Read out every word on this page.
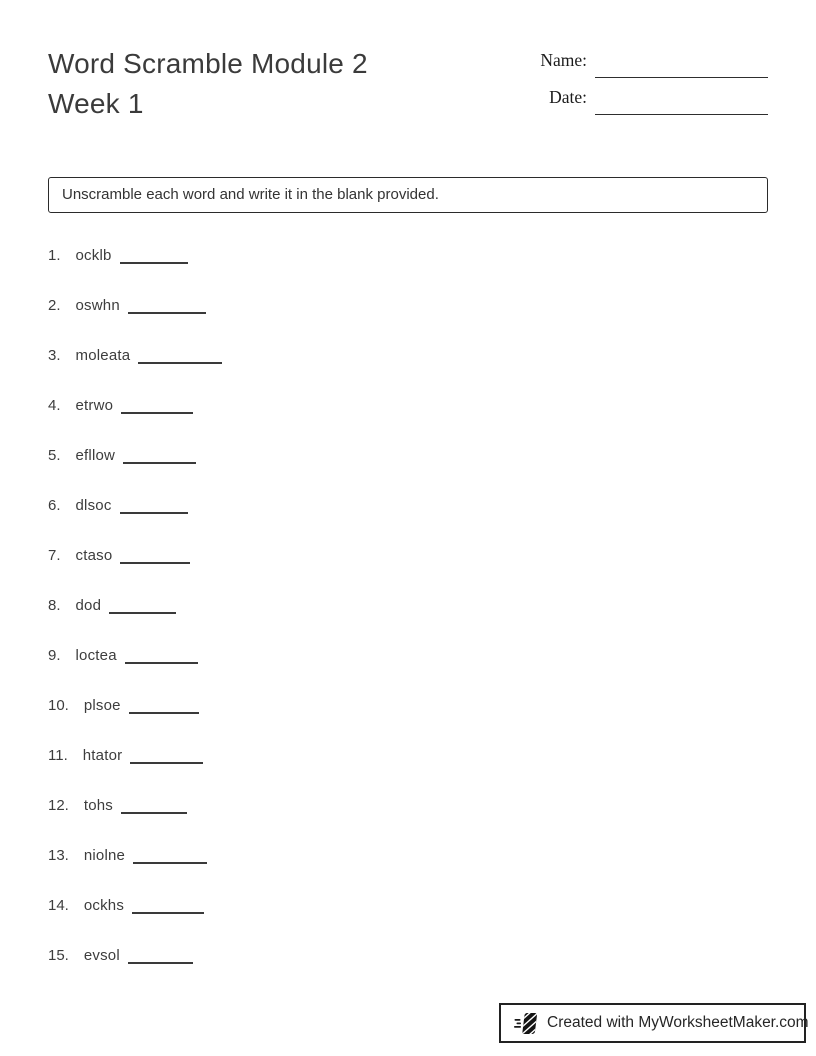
Word Scramble Module 2 Week 1
Name:
Date:
Unscramble each word and write it in the blank provided.
1. ocklb
2. oswhn
3. moleata
4. etrwo
5. efllow
6. dlsoc
7. ctaso
8. dod
9. loctea
10. plsoe
11. htator
12. tohs
13. niolne
14. ockhs
15. evsol
Created with MyWorksheetMaker.com
